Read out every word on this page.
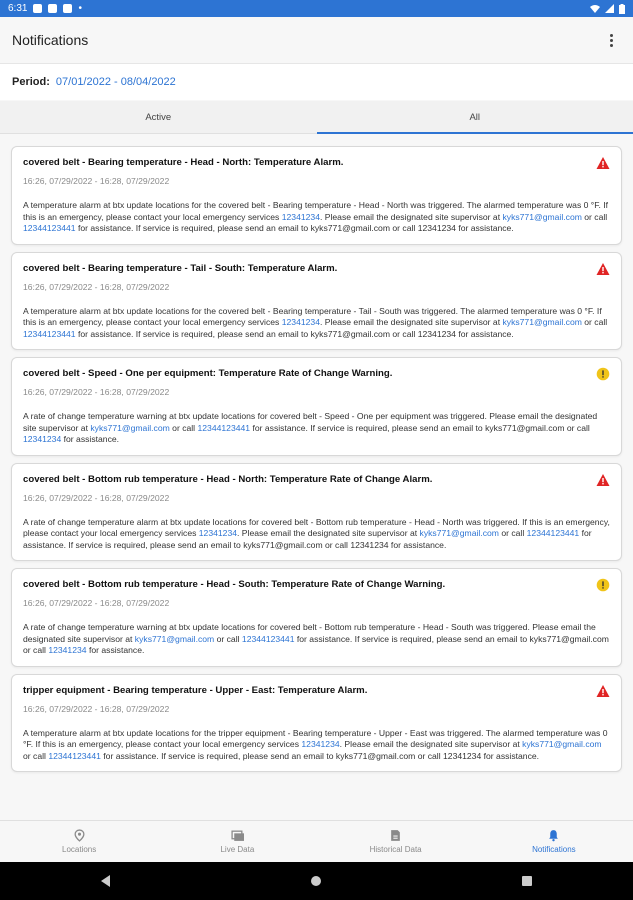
6:31	•
Notifications
Period: 07/01/2022 - 08/04/2022
Active	All
covered belt - Bearing temperature - Head - North: Temperature Alarm.
16:26, 07/29/2022 - 16:28, 07/29/2022
A temperature alarm at btx update locations for the covered belt - Bearing temperature - Head - North was triggered. The alarmed temperature was 0 °F. If this is an emergency, please contact your local emergency services 12341234. Please email the designated site supervisor at kyks771@gmail.com or call 12344123441 for assistance. If service is required, please send an email to kyks771@gmail.com or call 12341234 for assistance.
covered belt - Bearing temperature - Tail - South: Temperature Alarm.
16:26, 07/29/2022 - 16:28, 07/29/2022
A temperature alarm at btx update locations for the covered belt - Bearing temperature - Tail - South was triggered. The alarmed temperature was 0 °F. If this is an emergency, please contact your local emergency services 12341234. Please email the designated site supervisor at kyks771@gmail.com or call 12344123441 for assistance. If service is required, please send an email to kyks771@gmail.com or call 12341234 for assistance.
covered belt - Speed - One per equipment: Temperature Rate of Change Warning.
16:26, 07/29/2022 - 16:28, 07/29/2022
A rate of change temperature warning at btx update locations for covered belt - Speed - One per equipment was triggered. Please email the designated site supervisor at kyks771@gmail.com or call 12344123441 for assistance. If service is required, please send an email to kyks771@gmail.com or call 12341234 for assistance.
covered belt - Bottom rub temperature - Head - North: Temperature Rate of Change Alarm.
16:26, 07/29/2022 - 16:28, 07/29/2022
A rate of change temperature alarm at btx update locations for covered belt - Bottom rub temperature - Head - North was triggered. If this is an emergency, please contact your local emergency services 12341234. Please email the designated site supervisor at kyks771@gmail.com or call 12344123441 for assistance. If service is required, please send an email to kyks771@gmail.com or call 12341234 for assistance.
covered belt - Bottom rub temperature - Head - South: Temperature Rate of Change Warning.
16:26, 07/29/2022 - 16:28, 07/29/2022
A rate of change temperature warning at btx update locations for covered belt - Bottom rub temperature - Head - South was triggered. Please email the designated site supervisor at kyks771@gmail.com or call 12344123441 for assistance. If service is required, please send an email to kyks771@gmail.com or call 12341234 for assistance.
tripper equipment - Bearing temperature - Upper - East: Temperature Alarm.
16:26, 07/29/2022 - 16:28, 07/29/2022
A temperature alarm at btx update locations for the tripper equipment - Bearing temperature - Upper - East was triggered. The alarmed temperature was 0 °F. If this is an emergency, please contact your local emergency services 12341234. Please email the designated site supervisor at kyks771@gmail.com or call 12344123441 for assistance. If service is required, please send an email to kyks771@gmail.com or call 12341234 for assistance.
Locations	Live Data	Historical Data	Notifications
